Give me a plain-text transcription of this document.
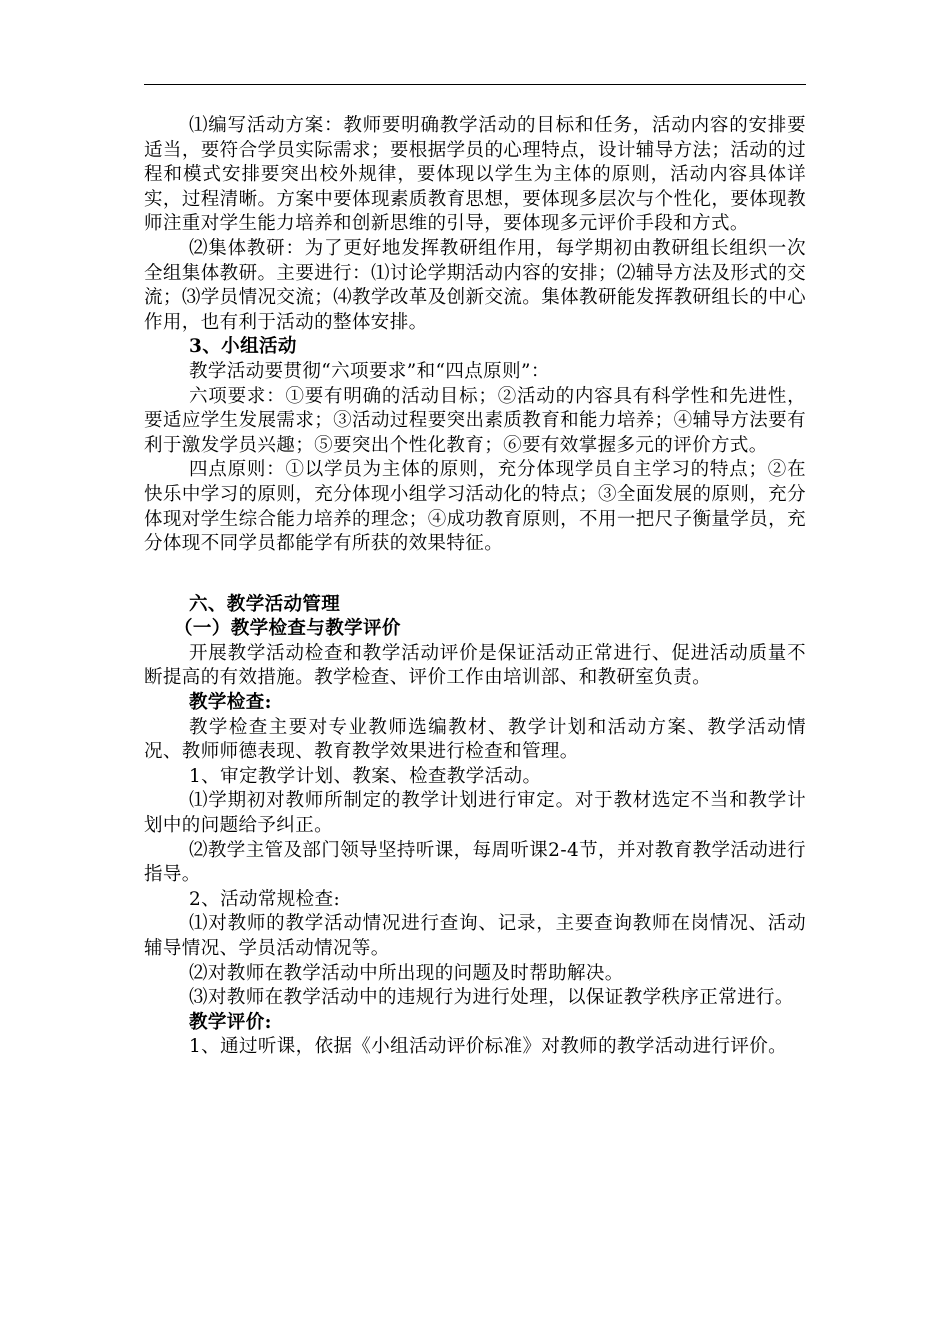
⑴编写活动方案：教师要明确教学活动的目标和任务，活动内容的安排要适当，要符合学员实际需求；要根据学员的心理特点，设计辅导方法；活动的过程和模式安排要突出校外规律，要体现以学生为主体的原则，活动内容具体详实，过程清晰。方案中要体现素质教育思想，要体现多层次与个性化，要体现教师注重对学生能力培养和创新思维的引导，要体现多元评价手段和方式。

⑵集体教研：为了更好地发挥教研组作用，每学期初由教研组长组织一次全组集体教研。主要进行：⑴讨论学期活动内容的安排；⑵辅导方法及形式的交流；⑶学员情况交流；⑷教学改革及创新交流。集体教研能发挥教研组长的中心作用，也有利于活动的整体安排。

3、小组活动

教学活动要贯彻“六项要求”和“四点原则”：

六项要求：①要有明确的活动目标；②活动的内容具有科学性和先进性，要适应学生发展需求；③活动过程要突出素质教育和能力培养；④辅导方法要有利于激发学员兴趣；⑤要突出个性化教育；⑥要有效掌握多元的评价方式。

四点原则：①以学员为主体的原则，充分体现学员自主学习的特点；②在快乐中学习的原则，充分体现小组学习活动化的特点；③全面发展的原则，充分体现对学生综合能力培养的理念；④成功教育原则，不用一把尺子衡量学员，充分体现不同学员都能学有所获的效果特征。

六、教学活动管理

（一）教学检查与教学评价

开展教学活动检查和教学活动评价是保证活动正常进行、促进活动质量不断提高的有效措施。教学检查、评价工作由培训部、和教研室负责。

教学检查:

教学检查主要对专业教师选编教材、教学计划和活动方案、教学活动情况、教师师德表现、教育教学效果进行检查和管理。

1、审定教学计划、教案、检查教学活动。

⑴学期初对教师所制定的教学计划进行审定。对于教材选定不当和教学计划中的问题给予纠正。

⑵教学主管及部门领导坚持听课，每周听课2-4节，并对教育教学活动进行指导。

2、活动常规检查:

⑴对教师的教学活动情况进行查询、记录，主要查询教师在岗情况、活动辅导情况、学员活动情况等。

⑵对教师在教学活动中所出现的问题及时帮助解决。

⑶对教师在教学活动中的违规行为进行处理，以保证教学秩序正常进行。

教学评价:

1、通过听课，依据《小组活动评价标准》对教师的教学活动进行评价。
